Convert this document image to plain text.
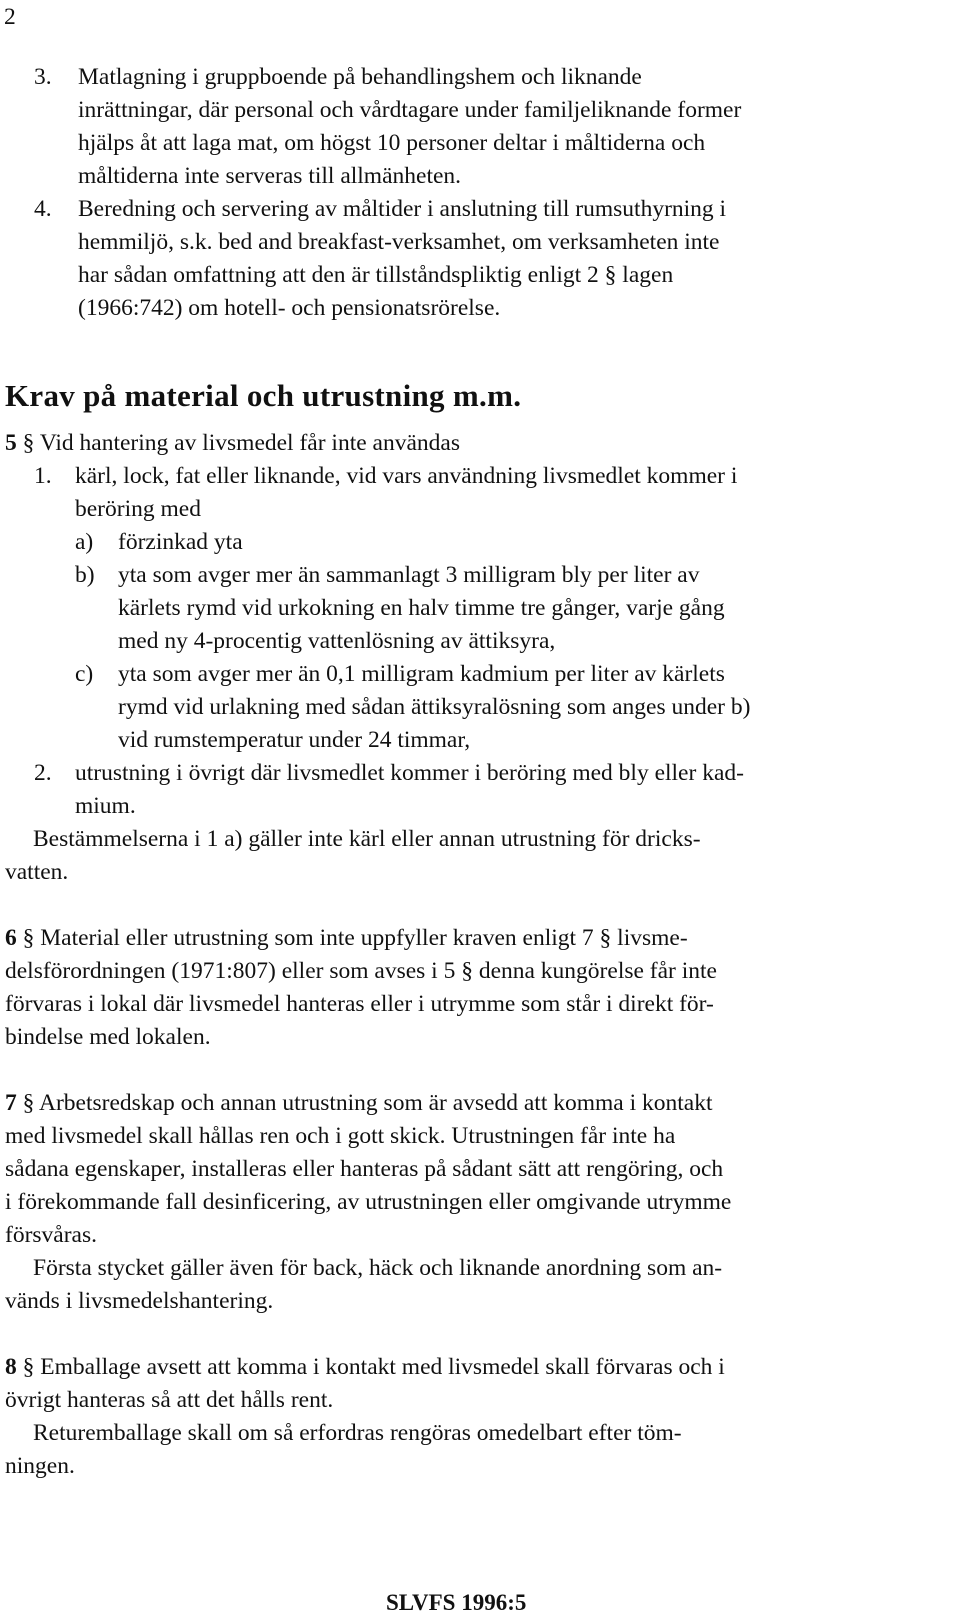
2
3. Matlagning i gruppboende på behandlingshem och liknande
inrättningar, där personal och vårdtagare under familjeliknande former
hjälps åt att laga mat, om högst 10 personer deltar i måltiderna och
måltiderna inte serveras till allmänheten.
4. Beredning och servering av måltider i anslutning till rumsuthyrning i
hemmiljö, s.k. bed and breakfast-verksamhet, om verksamheten inte
har sådan omfattning att den är tillståndspliktig enligt 2 § lagen
(1966:742) om hotell- och pensionatsrörelse.
Krav på material och utrustning m.m.
5 § Vid hantering av livsmedel får inte användas
1. kärl, lock, fat eller liknande, vid vars användning livsmedlet kommer i
beröring med
a) förzinkad yta
b) yta som avger mer än sammanlagt 3 milligram bly per liter av
kärlets rymd vid urkokning en halv timme tre gånger, varje gång
med ny 4-procentig vattenlösning av ättiksyra,
c) yta som avger mer än 0,1 milligram kadmium per liter av kärlets
rymd vid urlakning med sådan ättiksyralösning som anges under b)
vid rumstemperatur under 24 timmar,
2. utrustning i övrigt där livsmedlet kommer i beröring med bly eller kad-
mium.
Bestämmelserna i 1 a) gäller inte kärl eller annan utrustning för dricks-
vatten.
6 § Material eller utrustning som inte uppfyller kraven enligt 7 § livsme-
delsförordningen (1971:807) eller som avses i 5 § denna kungörelse får inte
förvaras i lokal där livsmedel hanteras eller i utrymme som står i direkt för-
bindelse med lokalen.
7 § Arbetsredskap och annan utrustning som är avsedd att komma i kontakt
med livsmedel skall hållas ren och i gott skick. Utrustningen får inte ha
sådana egenskaper, installeras eller hanteras på sådant sätt att rengöring, och
i förekommande fall desinficering, av utrustningen eller omgivande utrymme
försvåras.
Första stycket gäller även för back, häck och liknande anordning som an-
vänds i livsmedelshantering.
8 § Emballage avsett att komma i kontakt med livsmedel skall förvaras och i
övrigt hanteras så att det hålls rent.
Returemballage skall om så erfordras rengöras omedelbart efter töm-
ningen.
SLVFS 1996:5
